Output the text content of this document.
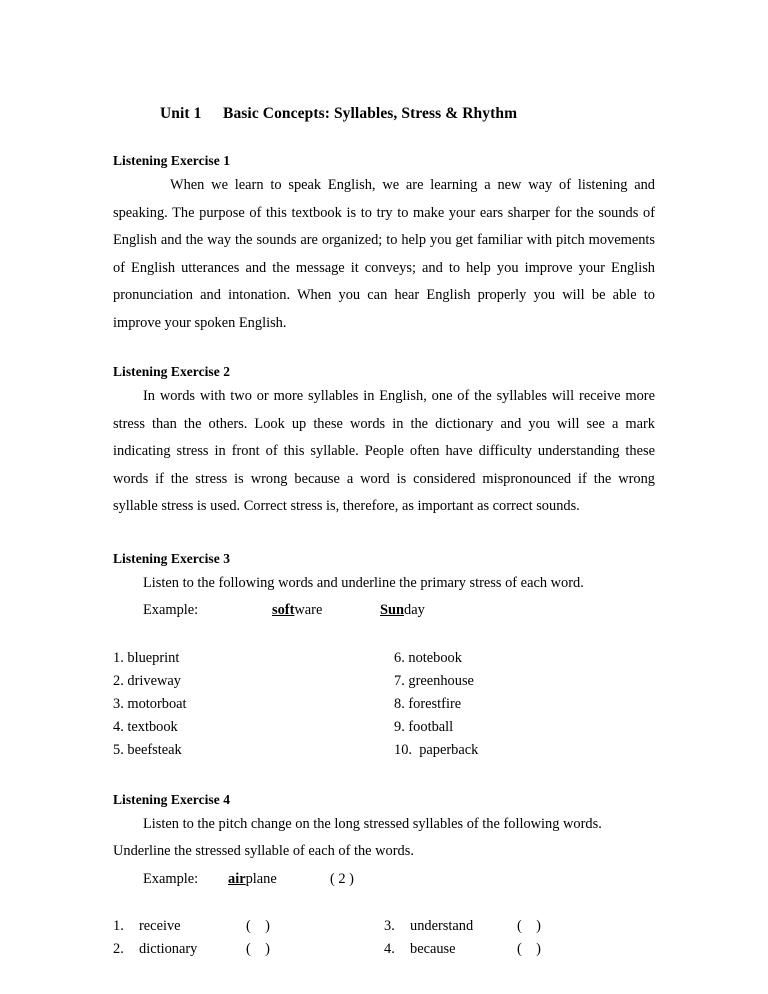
Unit 1 Basic Concepts: Syllables, Stress & Rhythm
Listening Exercise 1

When we learn to speak English, we are learning a new way of listening and speaking. The purpose of this textbook is to try to make your ears sharper for the sounds of English and the way the sounds are organized; to help you get familiar with pitch movements of English utterances and the message it conveys; and to help you improve your English pronunciation and intonation. When you can hear English properly you will be able to improve your spoken English.

Listening Exercise 2

In words with two or more syllables in English, one of the syllables will receive more stress than the others. Look up these words in the dictionary and you will see a mark indicating stress in front of this syllable. People often have difficulty understanding these words if the stress is wrong because a word is considered mispronounced if the wrong syllable stress is used. Correct stress is, therefore, as important as correct sounds.

Listening Exercise 3

Listen to the following words and underline the primary stress of each word.

Example:	software	Sunday
1. blueprint	6. notebook
2. driveway	7. greenhouse
3. motorboat	8. forestfire
4. textbook	9. football
5. beefsteak	10. paperback
Listening Exercise 4

Listen to the pitch change on the long stressed syllables of the following words. Underline the stressed syllable of each of the words.

Example: airplane	( 2 )
1.	receive	(    )	3.	understand	(    )
2.	dictionary	(    )	4.	because	(    )
